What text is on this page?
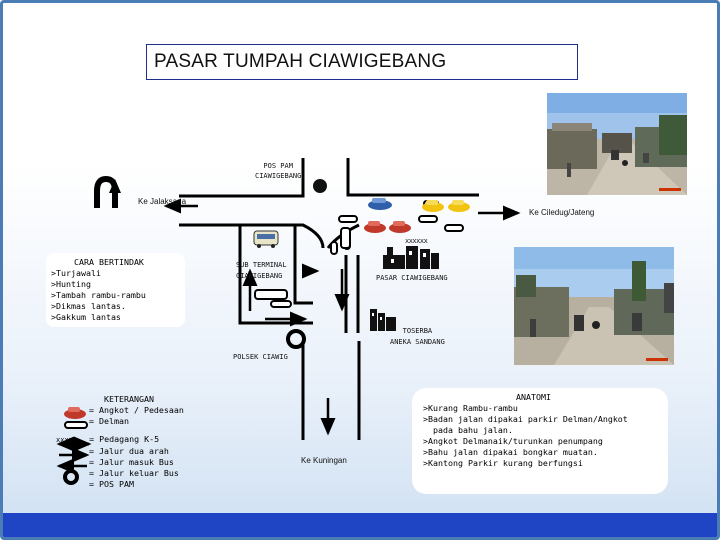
PASAR TUMPAH CIAWIGEBANG
POS PAM
CIAWIGEBANG
Ke Jalaksana
Ke Ciledug/Jateng
Ke Kuningan
SUB TERMINAL
CIAWIGEBANG	PASAR CIAWIGEBANG
TOSERBA
ANEKA SANDANG
POLSEK CIAWIG
xxxxxx
CARA BERTINDAK
>Turjawali
>Hunting
>Tambah rambu-rambu
>Dikmas lantas.
>Gakkum lantas
KETERANGAN
= Angkot / Pedesaan
= Delman
xxxxx = Pedagang K-5
= Jalur dua arah
= Jalur masuk Bus
= Jalur keluar Bus
= POS PAM
ANATOMI
>Kurang Rambu-rambu
>Badan jalan dipakai parkir Delman/Angkot
pada bahu jalan.
>Angkot Delmanaik/turunkan penumpang
>Bahu jalan dipakai bongkar muatan.
>Kantong Parkir kurang berfungsi
